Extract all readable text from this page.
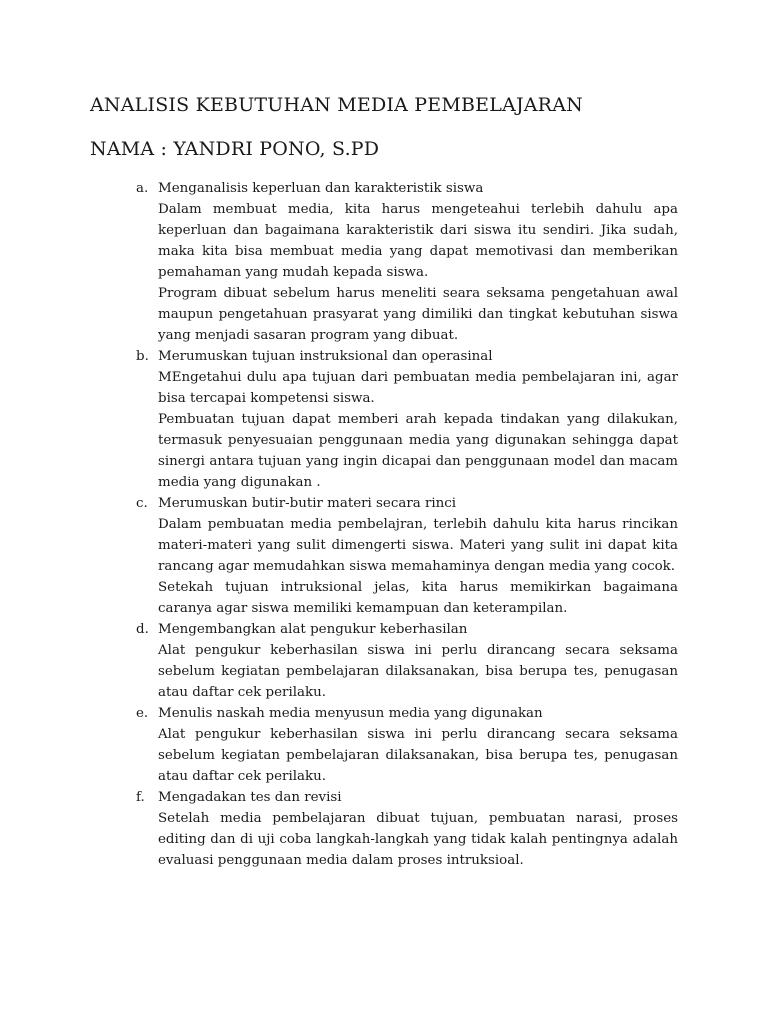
ANALISIS KEBUTUHAN MEDIA PEMBELAJARAN
NAMA : YANDRI PONO, S.PD
a. Menganalisis keperluan dan karakteristik siswa

Dalam membuat media, kita harus mengeteahui terlebih dahulu apa keperluan dan bagaimana karakteristik dari siswa itu sendiri. Jika sudah, maka kita bisa membuat media yang dapat memotivasi dan memberikan pemahaman yang mudah kepada siswa.

Program dibuat sebelum harus meneliti seara seksama pengetahuan awal maupun pengetahuan prasyarat yang dimiliki dan tingkat kebutuhan siswa yang menjadi sasaran program yang dibuat.

b. Merumuskan tujuan instruksional dan operasinal

MEngetahui dulu apa tujuan dari pembuatan media pembelajaran ini, agar bisa tercapai kompetensi siswa.

Pembuatan tujuan dapat memberi arah kepada tindakan yang dilakukan, termasuk penyesuaian penggunaan media yang digunakan sehingga dapat sinergi antara tujuan yang ingin dicapai dan penggunaan model dan macam media yang digunakan .

c. Merumuskan butir-butir materi secara rinci

Dalam pembuatan media pembelajran, terlebih dahulu kita harus rincikan materi-materi yang sulit dimengerti siswa. Materi yang sulit ini dapat kita rancang agar memudahkan siswa memahaminya dengan media yang cocok.

Setekah tujuan intruksional jelas, kita harus memikirkan bagaimana caranya agar siswa memiliki kemampuan dan keterampilan.

d. Mengembangkan alat pengukur keberhasilan

Alat pengukur keberhasilan siswa ini perlu dirancang secara seksama sebelum kegiatan pembelajaran dilaksanakan, bisa berupa tes, penugasan atau daftar cek perilaku.

e. Menulis naskah media menyusun media yang digunakan

Alat pengukur keberhasilan siswa ini perlu dirancang secara seksama sebelum kegiatan pembelajaran dilaksanakan, bisa berupa tes, penugasan atau daftar cek perilaku.

f. Mengadakan tes dan revisi

Setelah media pembelajaran dibuat tujuan, pembuatan narasi, proses editing dan di uji coba langkah-langkah yang tidak kalah pentingnya adalah evaluasi penggunaan media dalam proses intruksioal.
